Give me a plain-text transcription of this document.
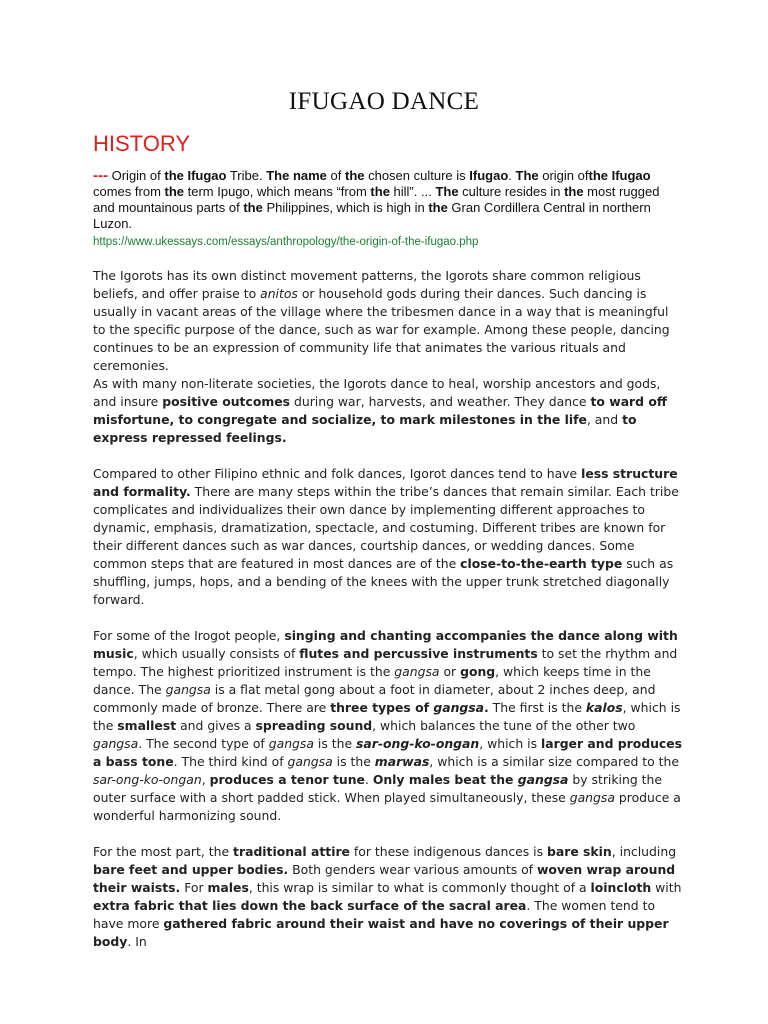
IFUGAO DANCE
HISTORY
--- Origin of the Ifugao Tribe. The name of the chosen culture is Ifugao. The origin ofthe Ifugao comes from the term Ipugo, which means “from the hill”. ... The culture resides in the most rugged and mountainous parts of the Philippines, which is high in the Gran Cordillera Central in northern Luzon.
https://www.ukessays.com/essays/anthropology/the-origin-of-the-ifugao.php

The Igorots has its own distinct movement patterns, the Igorots share common religious beliefs, and offer praise to anitos or household gods during their dances. Such dancing is usually in vacant areas of the village where the tribesmen dance in a way that is meaningful to the specific purpose of the dance, such as war for example. Among these people, dancing continues to be an expression of community life that animates the various rituals and ceremonies.

As with many non-literate societies, the Igorots dance to heal, worship ancestors and gods, and insure positive outcomes during war, harvests, and weather. They dance to ward off misfortune, to congregate and socialize, to mark milestones in the life, and to express repressed feelings.

Compared to other Filipino ethnic and folk dances, Igorot dances tend to have less structure and formality. There are many steps within the tribe’s dances that remain similar. Each tribe complicates and individualizes their own dance by implementing different approaches to dynamic, emphasis, dramatization, spectacle, and costuming. Different tribes are known for their different dances such as war dances, courtship dances, or wedding dances. Some common steps that are featured in most dances are of the close-to-the-earth type such as shuffling, jumps, hops, and a bending of the knees with the upper trunk stretched diagonally forward.

For some of the Irogot people, singing and chanting accompanies the dance along with music, which usually consists of flutes and percussive instruments to set the rhythm and tempo. The highest prioritized instrument is the gangsa or gong, which keeps time in the dance. The gangsa is a flat metal gong about a foot in diameter, about 2 inches deep, and commonly made of bronze. There are three types of gangsa. The first is the kalos, which is the smallest and gives a spreading sound, which balances the tune of the other two gangsa. The second type of gangsa is the sar-ong-ko-ongan, which is larger and produces a bass tone. The third kind of gangsa is the marwas, which is a similar size compared to the sar-ong-ko-ongan, produces a tenor tune. Only males beat the gangsa by striking the outer surface with a short padded stick. When played simultaneously, these gangsa produce a wonderful harmonizing sound.

For the most part, the traditional attire for these indigenous dances is bare skin, including bare feet and upper bodies. Both genders wear various amounts of woven wrap around their waists. For males, this wrap is similar to what is commonly thought of a loincloth with extra fabric that lies down the back surface of the sacral area. The women tend to have more gathered fabric around their waist and have no coverings of their upper body. In
